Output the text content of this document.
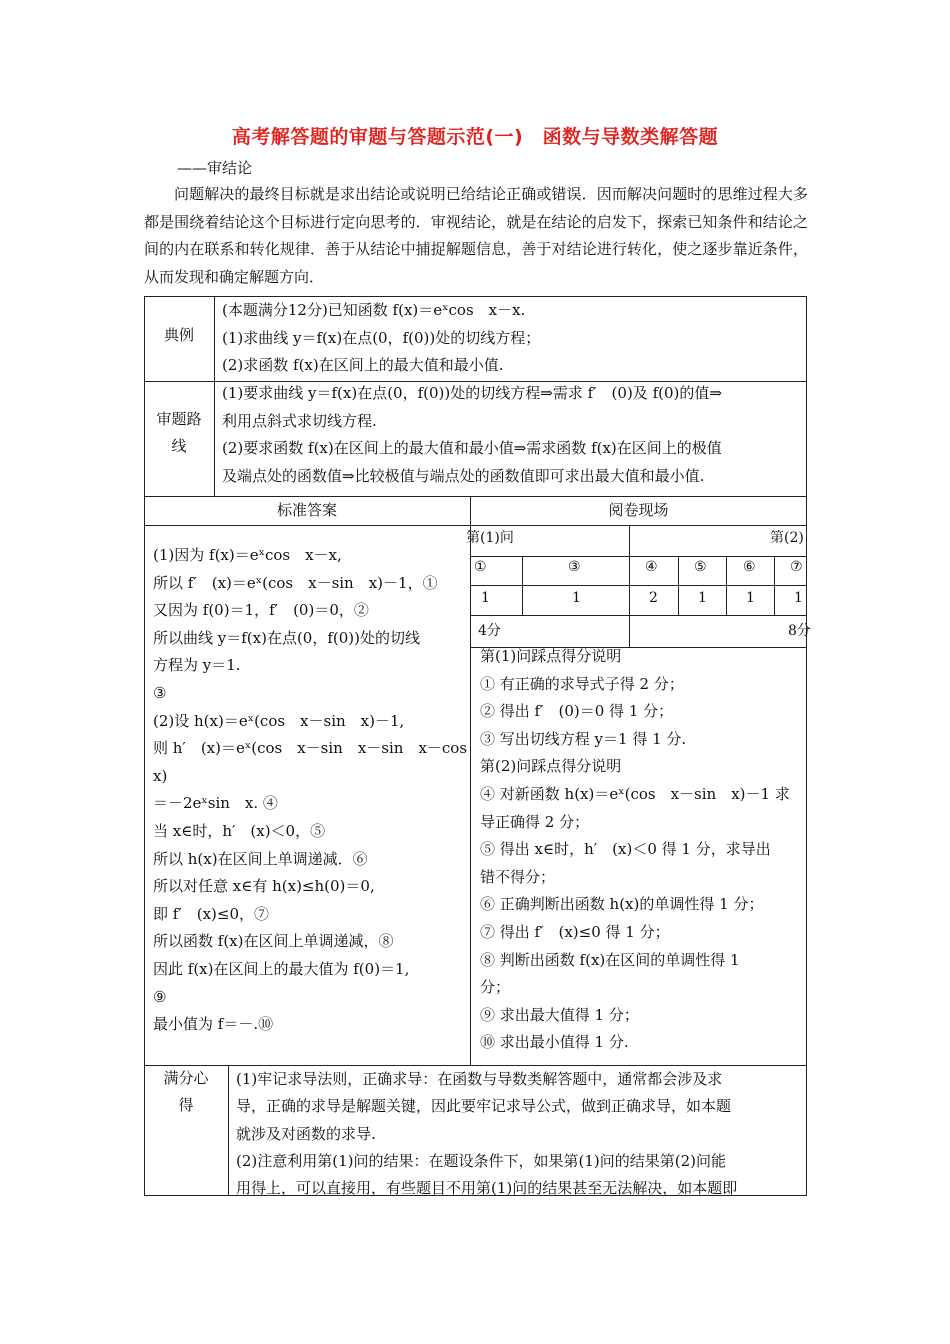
高考解答题的审题与答题示范(一)　函数与导数类解答题
——审结论
问题解决的最终目标就是求出结论或说明已给结论正确或错误．因而解决问题时的思维过程大多都是围绕着结论这个目标进行定向思考的．审视结论，就是在结论的启发下，探索已知条件和结论之间的内在联系和转化规律．善于从结论中捕捉解题信息，善于对结论进行转化，使之逐步靠近条件，从而发现和确定解题方向．
典例
(本题满分12分)已知函数 f(x)＝eˣcos　x－x.
(1)求曲线 y＝f(x)在点(0，f(0))处的切线方程；
(2)求函数 f(x)在区间上的最大值和最小值.
审题路
线
(1)要求曲线 y＝f(x)在点(0，f(0))处的切线方程⇒需求 f′　(0)及 f(0)的值⇒
利用点斜式求切线方程.
(2)要求函数 f(x)在区间上的最大值和最小值⇒需求函数 f(x)在区间上的极值
及端点处的函数值⇒比较极值与端点处的函数值即可求出最大值和最小值.
标准答案	阅卷现场
第(1)问	第(2)
①	③	④	⑤	⑥ ⑦
1	1	2	1	1	1
4分	8分
(1)因为 f(x)＝eˣcos　x－x,
所以 f′　(x)＝eˣ(cos　x－sin　x)－1，①
又因为 f(0)＝1，f′　(0)＝0，②
所以曲线 y＝f(x)在点(0，f(0))处的切线
方程为 y＝1.
③
(2)设 h(x)＝eˣ(cos　x－sin　x)－1,
则 h′　(x)＝eˣ(cos　x－sin　x－sin　x－cos
x)
＝－2eˣsin　x. ④
当 x∈时，h′　(x)＜0，⑤
所以 h(x)在区间上单调递减．⑥
所以对任意 x∈有 h(x)≤h(0)＝0,
即 f′　(x)≤0，⑦
所以函数 f(x)在区间上单调递减，⑧
因此 f(x)在区间上的最大值为 f(0)＝1,
⑨
最小值为 f＝－.⑩
第(1)问踩点得分说明
① 有正确的求导式子得 2 分；
② 得出 f′　(0)＝0 得 1 分；
③ 写出切线方程 y＝1 得 1 分.
第(2)问踩点得分说明
④ 对新函数 h(x)＝eˣ(cos　x－sin　x)－1 求
导正确得 2 分；
⑤ 得出 x∈时，h′　(x)＜0 得 1 分，求导出
错不得分；
⑥ 正确判断出函数 h(x)的单调性得 1 分；
⑦ 得出 f′　(x)≤0 得 1 分；
⑧ 判断出函数 f(x)在区间的单调性得 1
分；
⑨ 求出最大值得 1 分；
⑩ 求出最小值得 1 分.
满分心
得
(1)牢记求导法则，正确求导：在函数与导数类解答题中，通常都会涉及求
导，正确的求导是解题关键，因此要牢记求导公式，做到正确求导，如本题
就涉及对函数的求导.
(2)注意利用第(1)问的结果：在题设条件下，如果第(1)问的结果第(2)问能
用得上，可以直接用，有些题目不用第(1)问的结果甚至无法解决，如本题即
